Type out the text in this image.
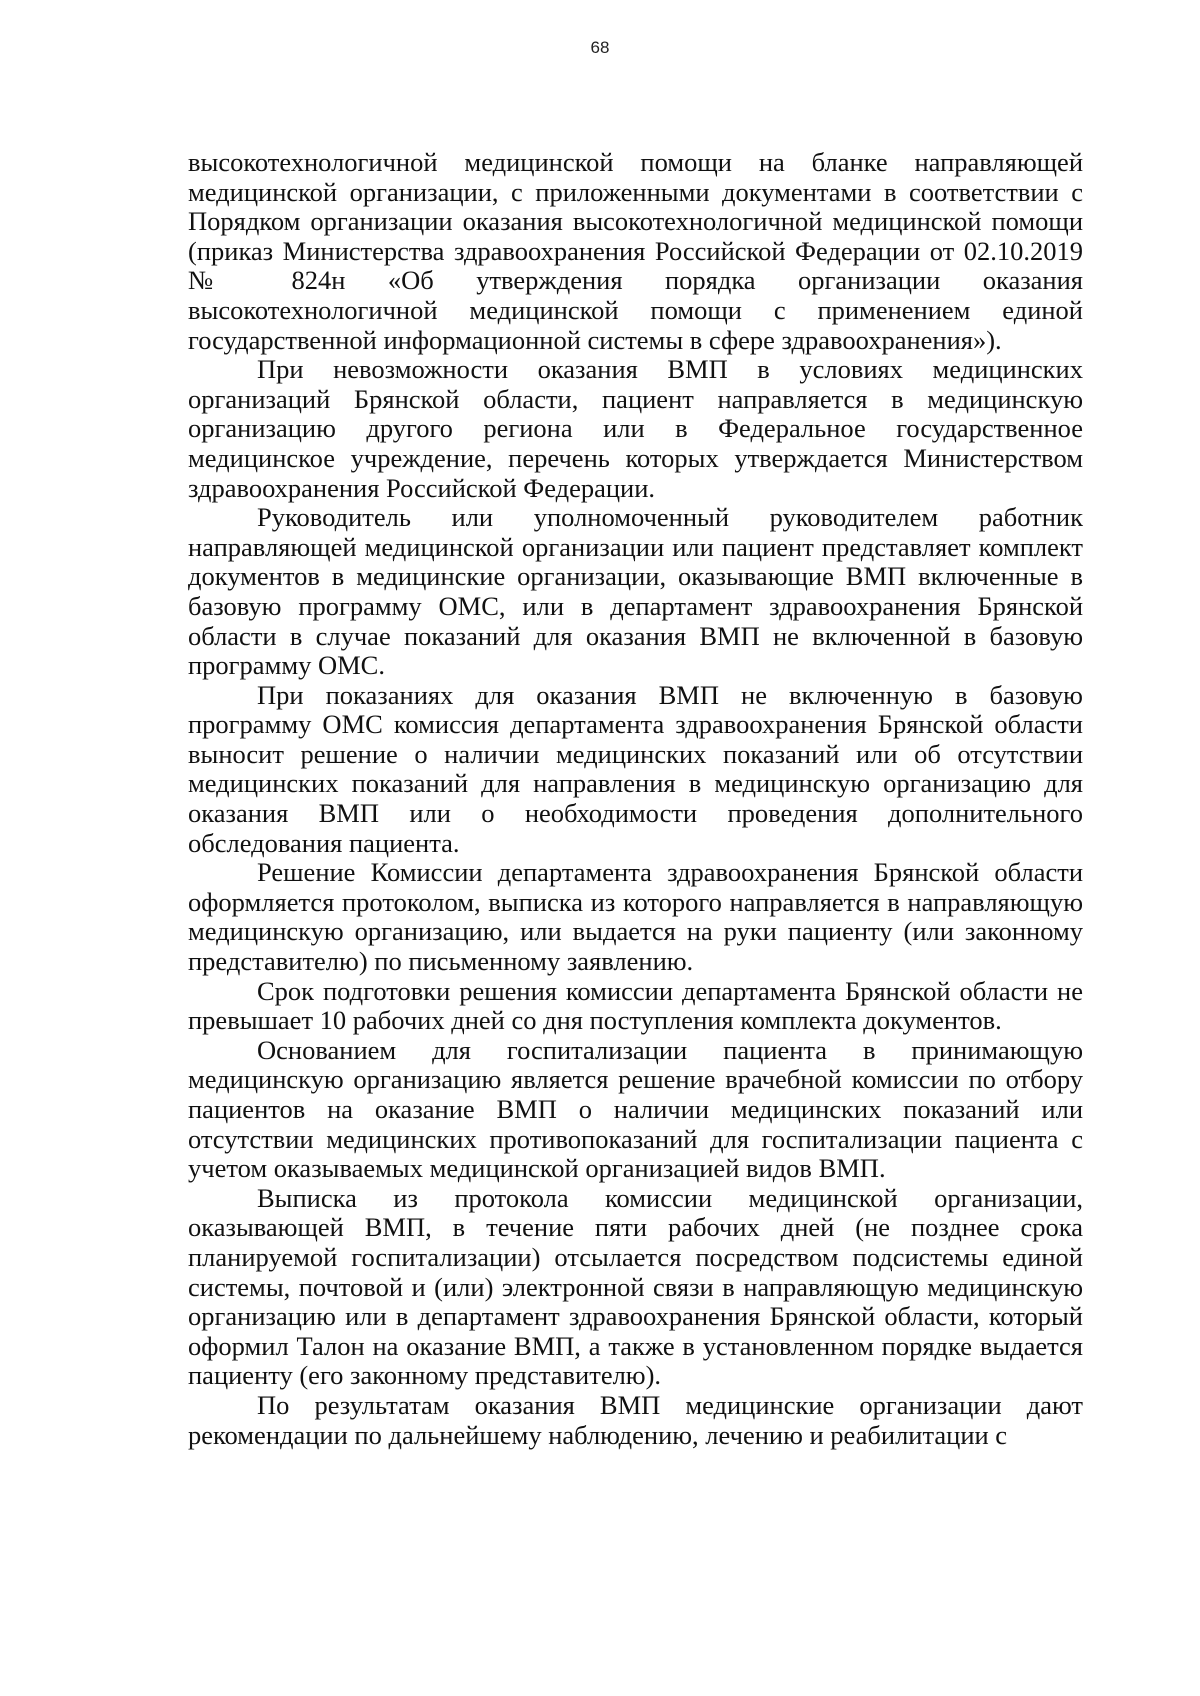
68

высокотехнологичной медицинской помощи на бланке направляющей медицинской организации, с приложенными документами в соответствии с Порядком организации оказания высокотехнологичной медицинской помощи (приказ Министерства здравоохранения Российской Федерации от 02.10.2019 № 824н «Об утверждения порядка организации оказания высокотехнологичной медицинской помощи с применением единой государственной информационной системы в сфере здравоохранения»).

При невозможности оказания ВМП в условиях медицинских организаций Брянской области, пациент направляется в медицинскую организацию другого региона или в Федеральное государственное медицинское учреждение, перечень которых утверждается Министерством здравоохранения Российской Федерации.

Руководитель или уполномоченный руководителем работник направляющей медицинской организации или пациент представляет комплект документов в медицинские организации, оказывающие ВМП включенные в базовую программу ОМС, или в департамент здравоохранения Брянской области в случае показаний для оказания ВМП не включенной в базовую программу ОМС.

При показаниях для оказания ВМП не включенную в базовую программу ОМС комиссия департамента здравоохранения Брянской области выносит решение о наличии медицинских показаний или об отсутствии медицинских показаний для направления в медицинскую организацию для оказания ВМП или о необходимости проведения дополнительного обследования пациента.

Решение Комиссии департамента здравоохранения Брянской области оформляется протоколом, выписка из которого направляется в направляющую медицинскую организацию, или выдается на руки пациенту (или законному представителю) по письменному заявлению.

Срок подготовки решения комиссии департамента Брянской области не превышает 10 рабочих дней со дня поступления комплекта документов.

Основанием для госпитализации пациента в принимающую медицинскую организацию является решение врачебной комиссии по отбору пациентов на оказание ВМП о наличии медицинских показаний или отсутствии медицинских противопоказаний для госпитализации пациента с учетом оказываемых медицинской организацией видов ВМП.

Выписка из протокола комиссии медицинской организации, оказывающей ВМП, в течение пяти рабочих дней (не позднее срока планируемой госпитализации) отсылается посредством подсистемы единой системы, почтовой и (или) электронной связи в направляющую медицинскую организацию или в департамент здравоохранения Брянской области, который оформил Талон на оказание ВМП, а также в установленном порядке выдается пациенту (его законному представителю).

По результатам оказания ВМП медицинские организации дают рекомендации по дальнейшему наблюдению, лечению и реабилитации с
